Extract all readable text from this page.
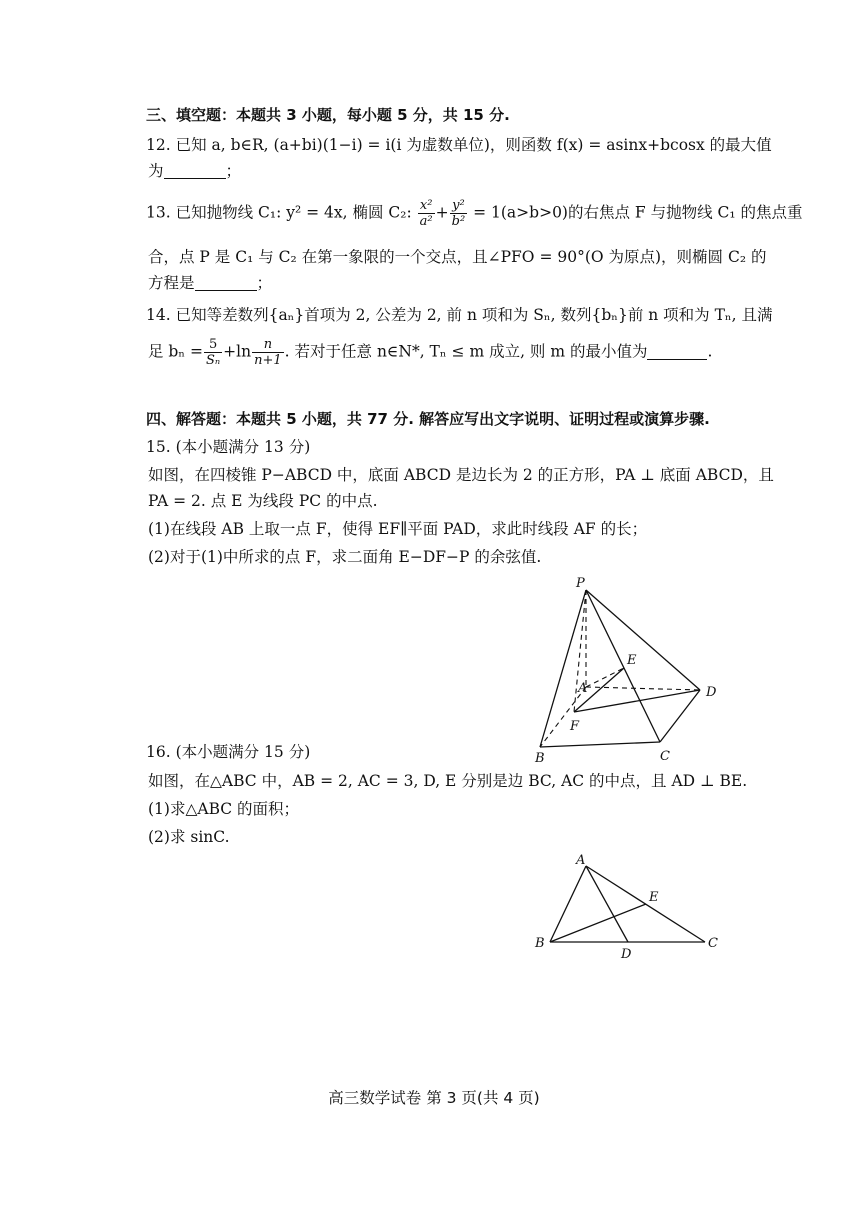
三、填空题：本题共 3 小题，每小题 5 分，共 15 分.
12. 已知 a, b∈R, (a+bi)(1−i) = i(i 为虚数单位)，则函数 f(x) = asinx+bcosx 的最大值
为	；
13. 已知抛物线 C₁: y² = 4x, 椭圆 C₂: $\frac{\text{x²}}{\text{a²}} + \frac{\text{y²}}{\text{b²}} = 1(a>b>0)$的右焦点 F 与抛物线 C₁ 的焦点重
合，点 P 是 C₁ 与 C₂ 在第一象限的一个交点，且∠PFO = 90°(O 为原点)，则椭圆 C₂ 的
方程是	；
14. 已知等差数列{aₙ}首项为 2, 公差为 2, 前 n 项和为 Sₙ, 数列{bₙ}前 n 项和为 Tₙ, 且满
足 $b_n = \frac{5}{\text{Sₙ}} +\ln \frac{n}{n+1}$ . 若对于任意 n∈N*, Tₙ ≤ m 成立, 则 m 的最小值为	.
四、解答题：本题共 5 小题，共 77 分. 解答应写出文字说明、证明过程或演算步骤.
15. (本小题满分 13 分)
如图，在四棱锥 P−ABCD 中，底面 ABCD 是边长为 2 的正方形，PA ⊥ 底面 ABCD，且
PA = 2. 点 E 为线段 PC 的中点.
(1)在线段 AB 上取一点 F，使得 EF∥平面 PAD，求此时线段 AF 的长；
(2)对于(1)中所求的点 F，求二面角 E−DF−P 的余弦值.
P
E
A	D
F
B	C
16. (本小题满分 15 分)
如图，在△ABC 中，AB = 2, AC = 3, D, E 分别是边 BC, AC 的中点，且 AD ⊥ BE.
(1)求△ABC 的面积；
(2)求 sinC.
A
E
B
D
C
高三数学试卷 第 3 页(共 4 页)
